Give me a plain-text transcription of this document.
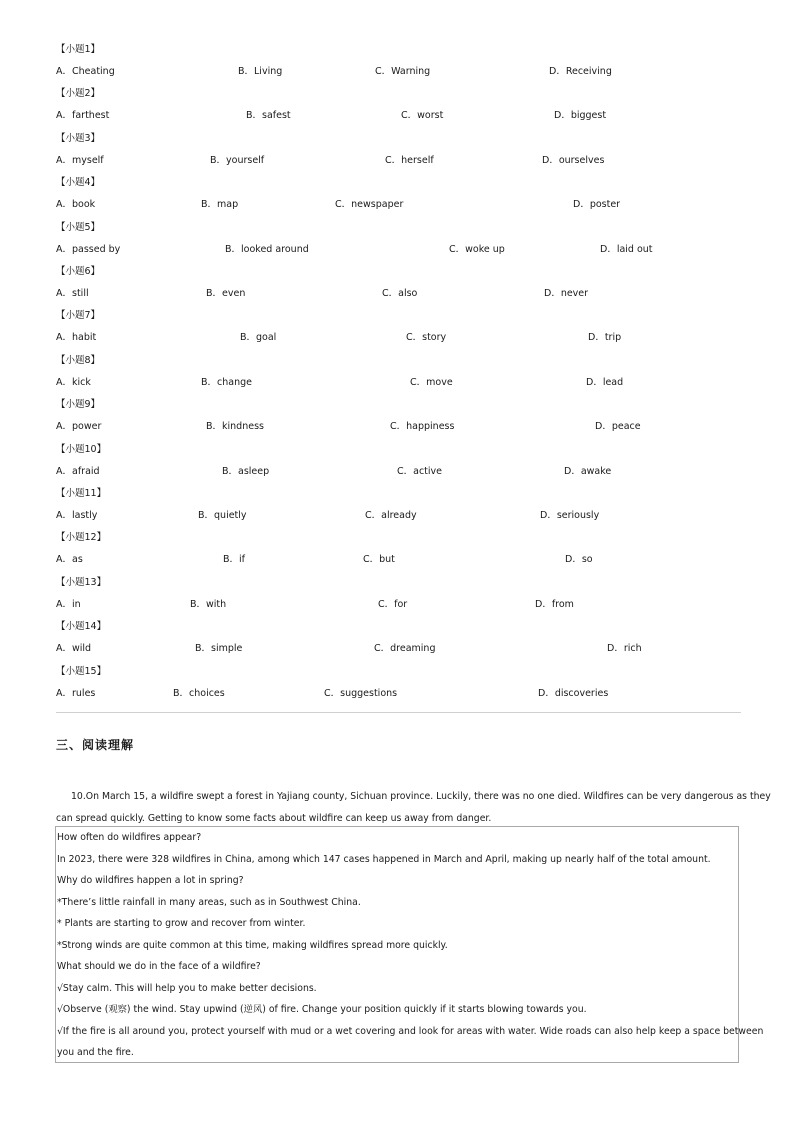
【小题1】
A．Cheating	B．Living	C．Warning	D．Receiving
【小题2】
A．farthest	B．safest	C．worst	D．biggest
【小题3】
A．myself	B．yourself	C．herself	D．ourselves
【小题4】
A．book	B．map	C．newspaper	D．poster
【小题5】
A．passed by	B．looked around	C．woke up	D．laid out
【小题6】
A．still	B．even	C．also	D．never
【小题7】
A．habit	B．goal	C．story	D．trip
【小题8】
A．kick	B．change	C．move	D．lead
【小题9】
A．power	B．kindness	C．happiness	D．peace
【小题10】
A．afraid	B．asleep	C．active	D．awake
【小题11】
A．lastly	B．quietly	C．already	D．seriously
【小题12】
A．as	B．if	C．but	D．so
【小题13】
A．in	B．with	C．for	D．from
【小题14】
A．wild	B．simple	C．dreaming	D．rich
【小题15】
A．rules	B．choices	C．suggestions	D．discoveries
三、阅读理解
10.On March 15, a wildfire swept a forest in Yajiang county, Sichuan province. Luckily, there was no one died. Wildfires can be very dangerous as they
can spread quickly. Getting to know some facts about wildfire can keep us away from danger.
How often do wildfires appear?
In 2023, there were 328 wildfires in China, among which 147 cases happened in March and April, making up nearly half of the total amount.
Why do wildfires happen a lot in spring?
*There’s little rainfall in many areas, such as in Southwest China.
* Plants are starting to grow and recover from winter.
*Strong winds are quite common at this time, making wildfires spread more quickly.
What should we do in the face of a wildfire?
√Stay calm. This will help you to make better decisions.
√Observe (观察) the wind. Stay upwind (逆风) of fire. Change your position quickly if it starts blowing towards you.
√If the fire is all around you, protect yourself with mud or a wet covering and look for areas with water. Wide roads can also help keep a space between
you and the fire.
